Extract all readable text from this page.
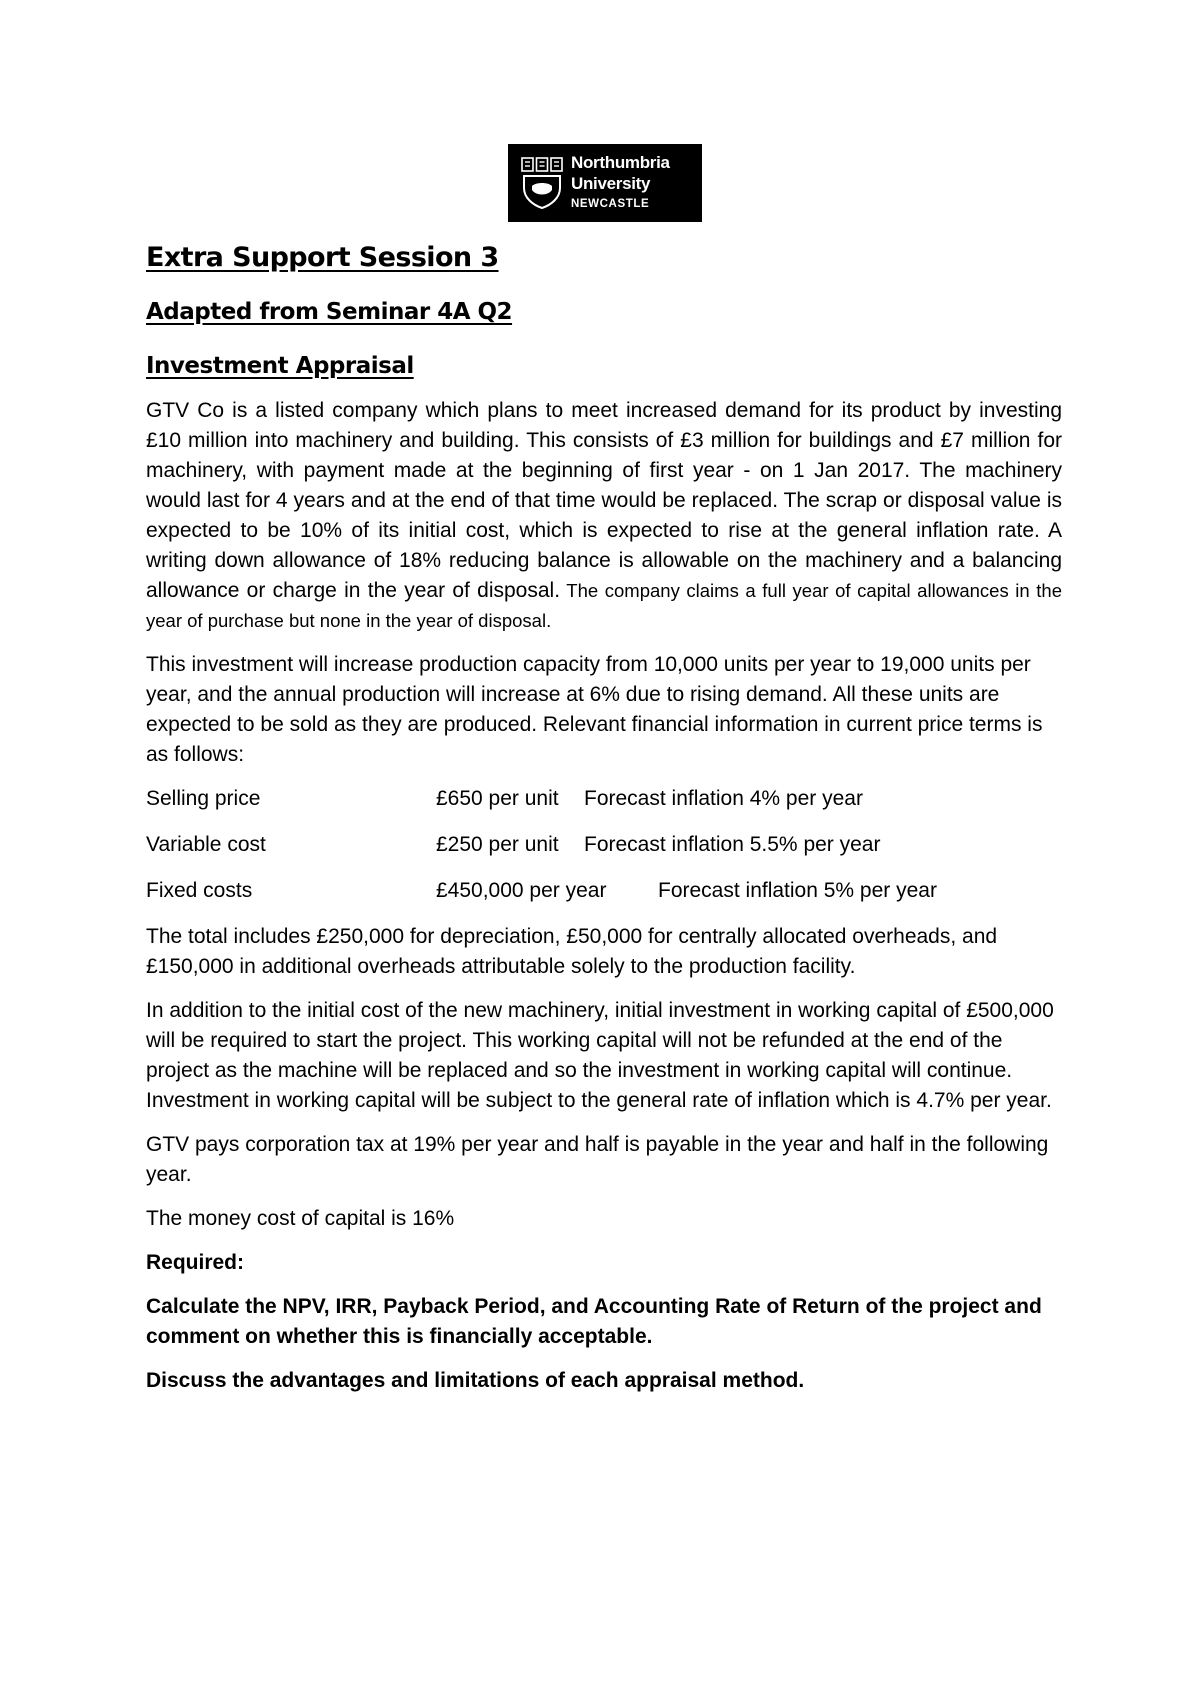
Northumbria
University
NEWCASTLE
Extra Support Session 3
Adapted from Seminar 4A Q2
Investment Appraisal

GTV Co is a listed company which plans to meet increased demand for its product by investing £10 million into machinery and building. This consists of £3 million for buildings and £7 million for machinery, with payment made at the beginning of first year - on 1 Jan 2017. The machinery would last for 4 years and at the end of that time would be replaced. The scrap or disposal value is expected to be 10% of its initial cost, which is expected to rise at the general inflation rate. A writing down allowance of 18% reducing balance is allowable on the machinery and a balancing allowance or charge in the year of disposal. The company claims a full year of capital allowances in the year of purchase but none in the year of disposal.

This investment will increase production capacity from 10,000 units per year to 19,000 units per year, and the annual production will increase at 6% due to rising demand. All these units are expected to be sold as they are produced. Relevant financial information in current price terms is as follows:

Selling price	£650 per unit Forecast inflation 4% per year
Variable cost	£250 per unit Forecast inflation 5.5% per year
Fixed costs	£450,000 per year Forecast inflation 5% per year

The total includes £250,000 for depreciation, £50,000 for centrally allocated overheads, and £150,000 in additional overheads attributable solely to the production facility.

In addition to the initial cost of the new machinery, initial investment in working capital of £500,000 will be required to start the project. This working capital will not be refunded at the end of the project as the machine will be replaced and so the investment in working capital will continue. Investment in working capital will be subject to the general rate of inflation which is 4.7% per year.

GTV pays corporation tax at 19% per year and half is payable in the year and half in the following year.

The money cost of capital is 16%

Required:

Calculate the NPV, IRR, Payback Period, and Accounting Rate of Return of the project and comment on whether this is financially acceptable.

Discuss the advantages and limitations of each appraisal method.
